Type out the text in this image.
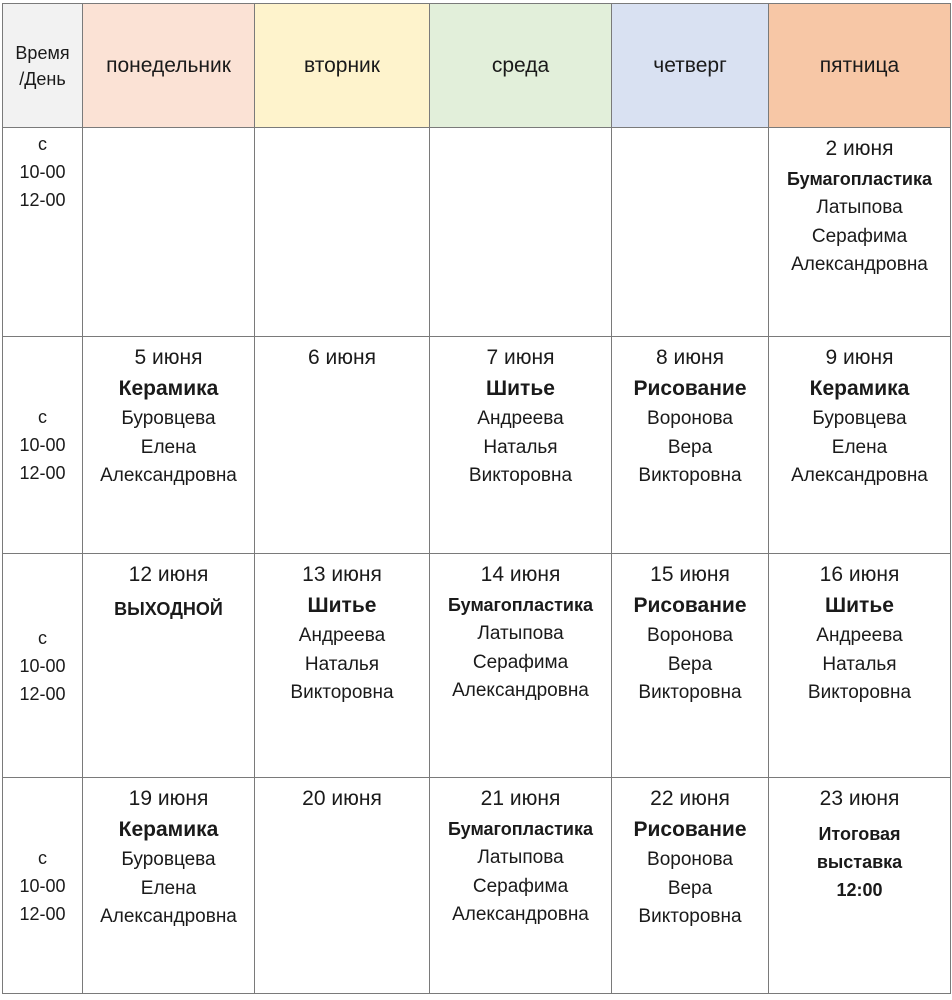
Время
/День	понедельник	вторник	среда	четверг	пятница

с
10-00
12-00					2 июня
Бумагопластика
Латыпова
Серафима
Александровна

с
10-00
12-00	5 июня
Керамика
Буровцева
Елена
Александровна	6 июня	7 июня
Шитье
Андреева
Наталья
Викторовна	8 июня
Рисование
Воронова
Вера
Викторовна	9 июня
Керамика
Буровцева
Елена
Александровна

с
10-00
12-00	12 июня
ВЫХОДНОЙ	13 июня
Шитье
Андреева
Наталья
Викторовна	14 июня
Бумагопластика
Латыпова
Серафима
Александровна	15 июня
Рисование
Воронова
Вера
Викторовна	16 июня
Шитье
Андреева
Наталья
Викторовна

с
10-00
12-00	19 июня
Керамика
Буровцева
Елена
Александровна	20 июня	21 июня
Бумагопластика
Латыпова
Серафима
Александровна	22 июня
Рисование
Воронова
Вера
Викторовна	23 июня
Итоговая
выставка
12:00
